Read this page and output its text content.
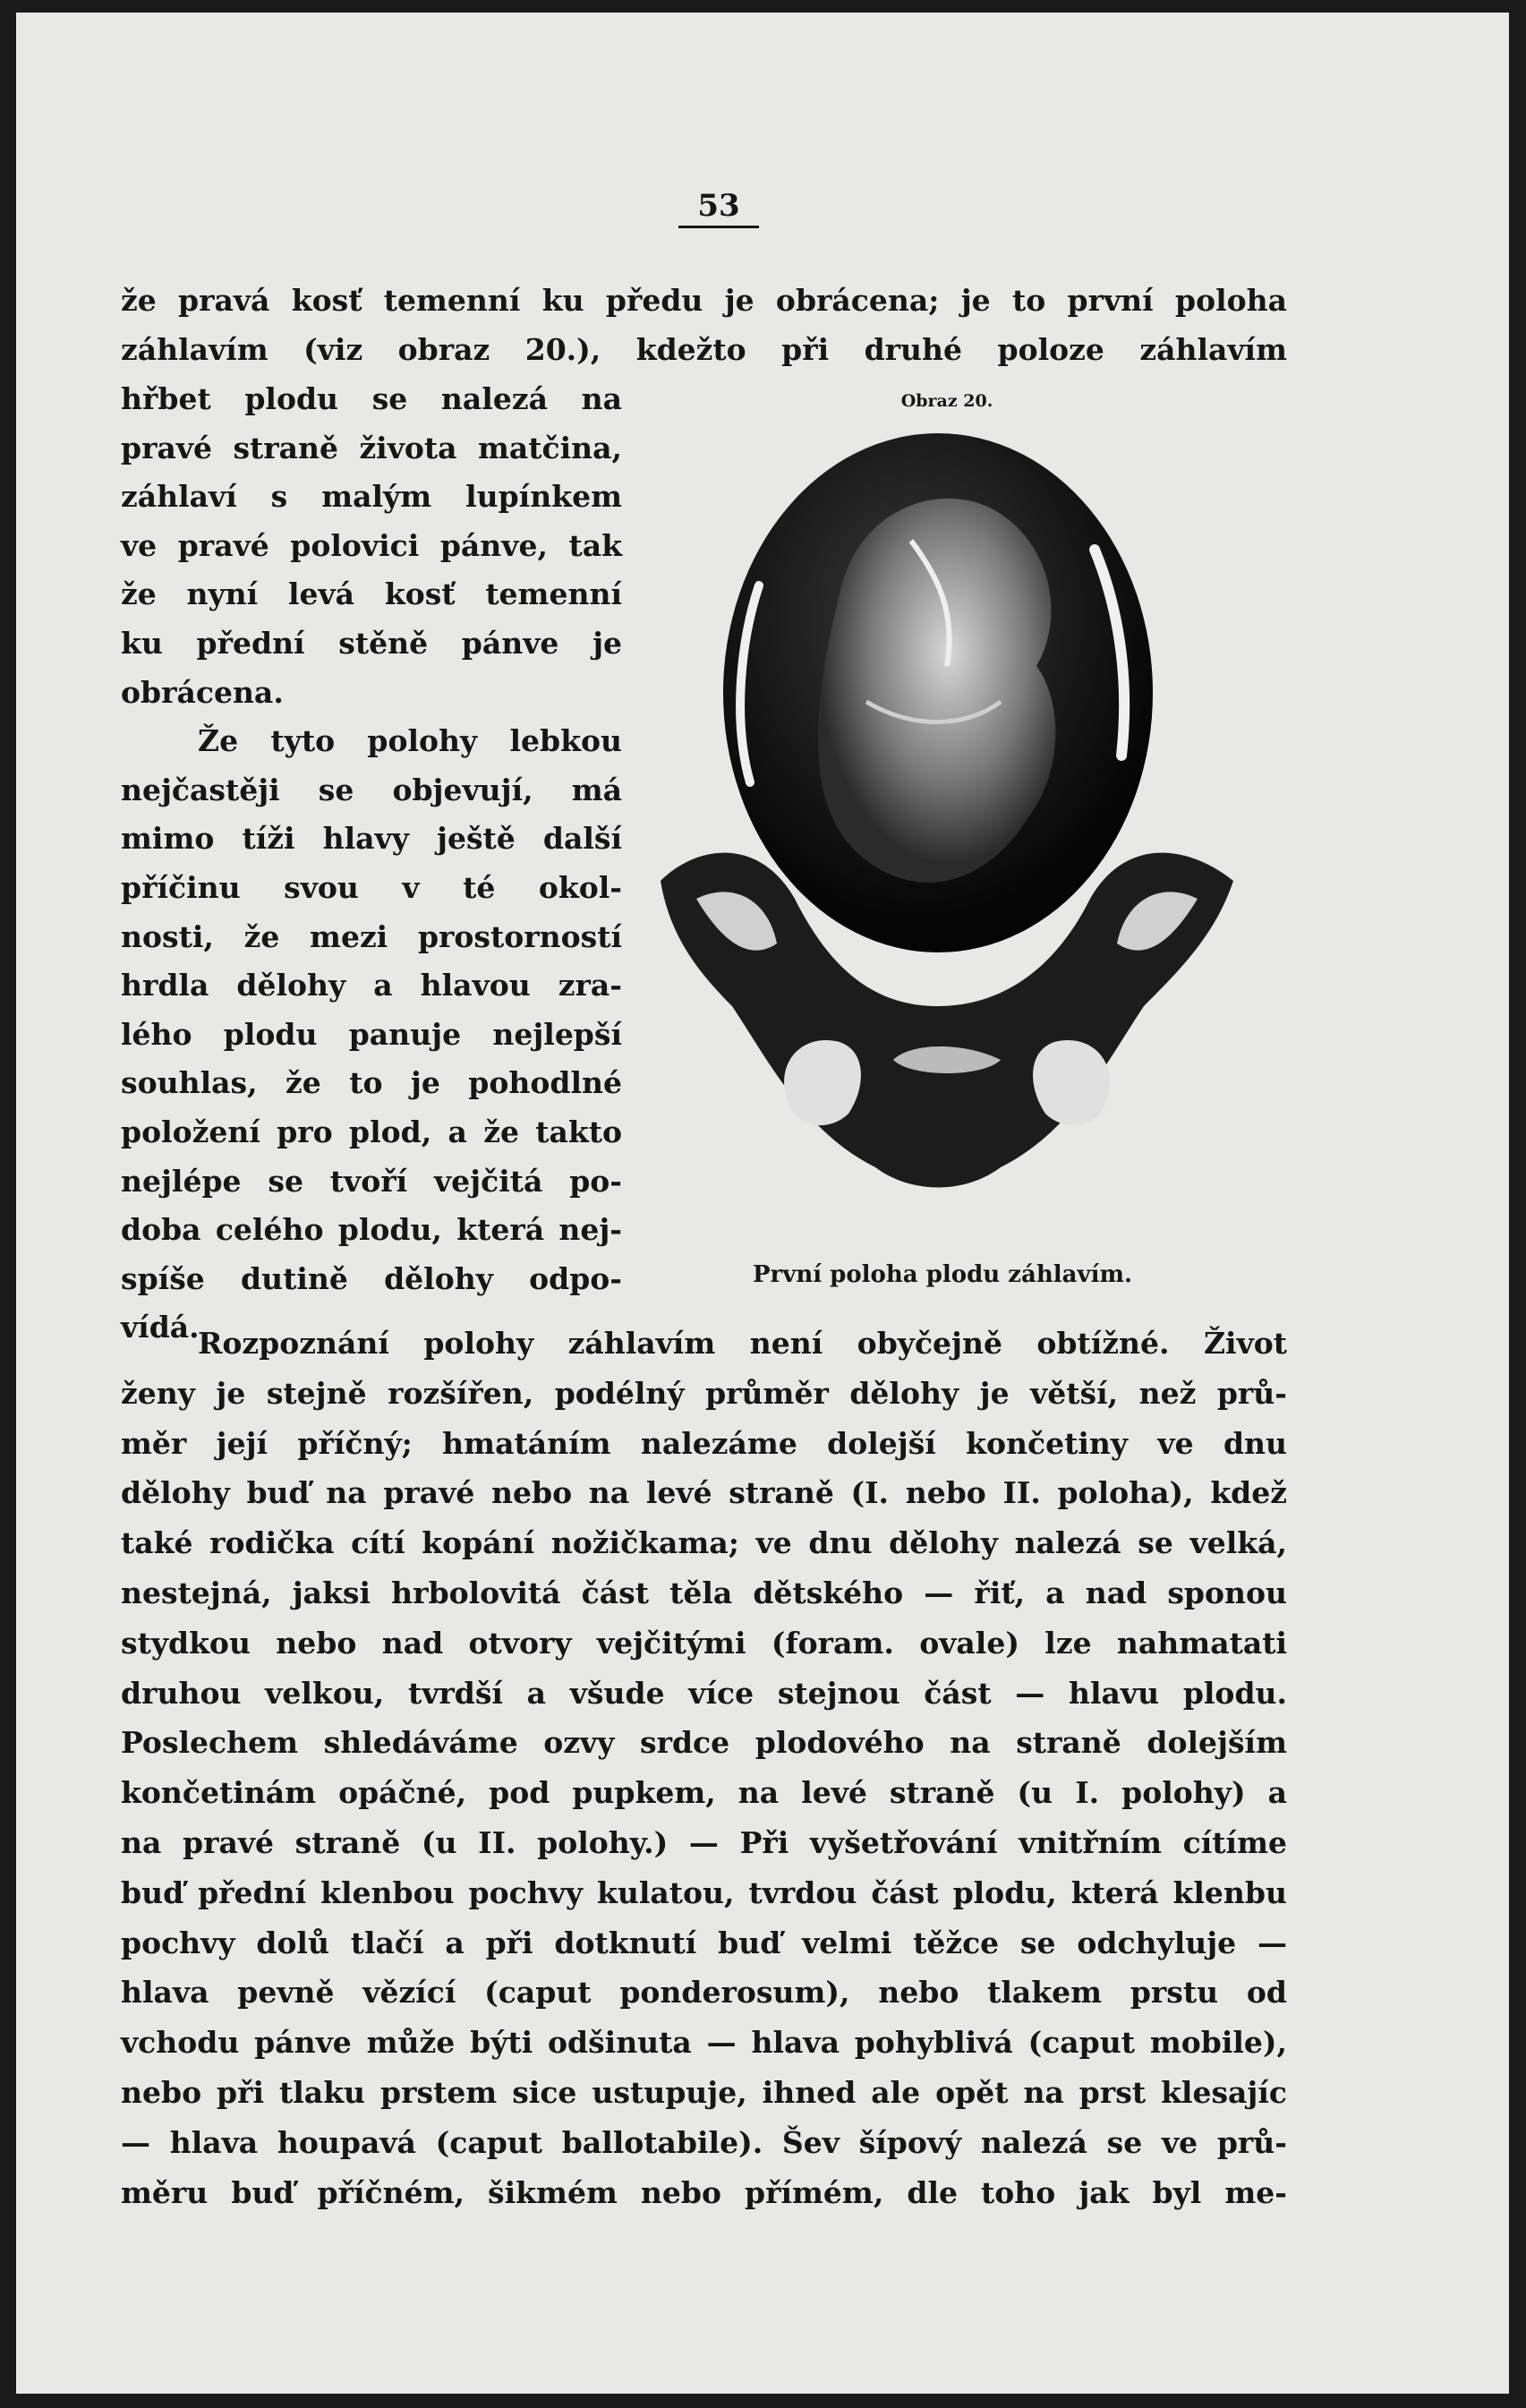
53
že pravá kosť temenní ku předu je obrácena; je to první poloha
záhlavím (viz obraz 20.), kdežto při druhé poloze záhlavím
hřbet plodu se nalezá na
pravé straně života matčina,
záhlaví s malým lupínkem
ve pravé polovici pánve, tak
že nyní levá kosť temenní
ku přední stěně pánve je
obrácena.
Že tyto polohy lebkou
nejčastěji se objevují, má
mimo tíži hlavy ještě další
příčinu svou v té okol-
nosti, že mezi prostorností
hrdla dělohy a hlavou zra-
lého plodu panuje nejlepší
souhlas, že to je pohodlné
položení pro plod, a že takto
nejlépe se tvoří vejčitá po-
doba celého plodu, která nej-
spíše dutině dělohy odpo-
vídá.
Obraz 20.
První poloha plodu záhlavím.
Rozpoznání polohy záhlavím není obyčejně obtížné. Život
ženy je stejně rozšířen, podélný průměr dělohy je větší, než prů-
měr její příčný; hmatáním nalezáme dolejší končetiny ve dnu
dělohy buď na pravé nebo na levé straně (I. nebo II. poloha), kdež
také rodička cítí kopání nožičkama; ve dnu dělohy nalezá se velká,
nestejná, jaksi hrbolovitá část těla dětského — řiť, a nad sponou
stydkou nebo nad otvory vejčitými (foram. ovale) lze nahmatati
druhou velkou, tvrdší a všude více stejnou část — hlavu plodu.
Poslechem shledáváme ozvy srdce plodového na straně dolejším
končetinám opáčné, pod pupkem, na levé straně (u I. polohy) a
na pravé straně (u II. polohy.) — Při vyšetřování vnitřním cítíme
buď přední klenbou pochvy kulatou, tvrdou část plodu, která klenbu
pochvy dolů tlačí a při dotknutí buď velmi těžce se odchyluje —
hlava pevně vězící (caput ponderosum), nebo tlakem prstu od
vchodu pánve může býti odšinuta — hlava pohyblivá (caput mobile),
nebo při tlaku prstem sice ustupuje, ihned ale opět na prst klesajíc
— hlava houpavá (caput ballotabile). Šev šípový nalezá se ve prů-
měru buď příčném, šikmém nebo přímém, dle toho jak byl me-
